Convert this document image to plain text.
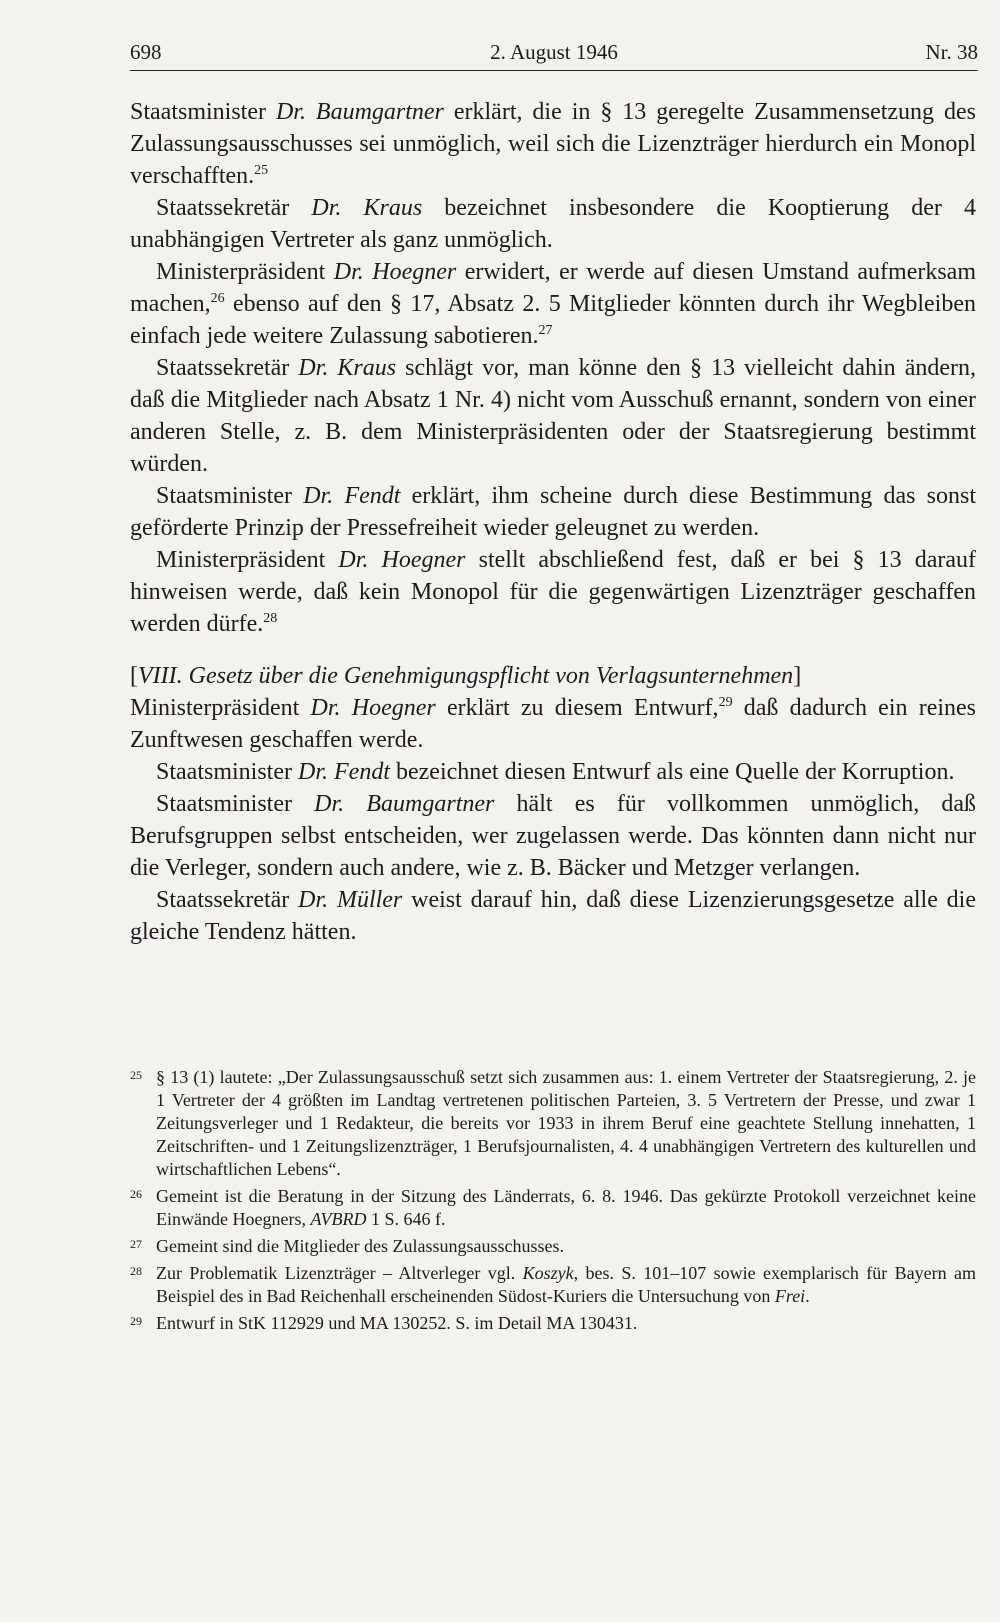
698	2. August 1946	Nr. 38

Staatsminister Dr. Baumgartner erklärt, die in § 13 geregelte Zusammensetzung des Zulassungsausschusses sei unmöglich, weil sich die Lizenzträger hierdurch ein Monopl verschafften.$^{25}$

Staatssekretär Dr. Kraus bezeichnet insbesondere die Kooptierung der 4 unabhängigen Vertreter als ganz unmöglich.

Ministerpräsident Dr. Hoegner erwidert, er werde auf diesen Umstand aufmerksam machen,$^{26}$ ebenso auf den § 17, Absatz 2. 5 Mitglieder könnten durch ihr Wegbleiben einfach jede weitere Zulassung sabotieren.$^{27}$

Staatssekretär Dr. Kraus schlägt vor, man könne den § 13 vielleicht dahin ändern, daß die Mitglieder nach Absatz 1 Nr. 4) nicht vom Ausschuß ernannt, sondern von einer anderen Stelle, z. B. dem Ministerpräsidenten oder der Staatsregierung bestimmt würden.

Staatsminister Dr. Fendt erklärt, ihm scheine durch diese Bestimmung das sonst geförderte Prinzip der Pressefreiheit wieder geleugnet zu werden.

Ministerpräsident Dr. Hoegner stellt abschließend fest, daß er bei § 13 darauf hinweisen werde, daß kein Monopol für die gegenwärtigen Lizenzträger geschaffen werden dürfe.$^{28}$

[VIII. Gesetz über die Genehmigungspflicht von Verlagsunternehmen]

Ministerpräsident Dr. Hoegner erklärt zu diesem Entwurf,$^{29}$ daß dadurch ein reines Zunftwesen geschaffen werde.

Staatsminister Dr. Fendt bezeichnet diesen Entwurf als eine Quelle der Korruption.

Staatsminister Dr. Baumgartner hält es für vollkommen unmöglich, daß Berufsgruppen selbst entscheiden, wer zugelassen werde. Das könnten dann nicht nur die Verleger, sondern auch andere, wie z. B. Bäcker und Metzger verlangen.

Staatssekretär Dr. Müller weist darauf hin, daß diese Lizenzierungsgesetze alle die gleiche Tendenz hätten.

25 § 13 (1) lautete: „Der Zulassungsausschuß setzt sich zusammen aus: 1. einem Vertreter der Staatsregierung, 2. je 1 Vertreter der 4 größten im Landtag vertretenen politischen Parteien, 3. 5 Vertretern der Presse, und zwar 1 Zeitungsverleger und 1 Redakteur, die bereits vor 1933 in ihrem Beruf eine geachtete Stellung innehatten, 1 Zeitschriften- und 1 Zeitungslizenzträger, 1 Berufsjournalisten, 4. 4 unabhängigen Vertretern des kulturellen und wirtschaftlichen Lebens“.
26 Gemeint ist die Beratung in der Sitzung des Länderrats, 6. 8. 1946. Das gekürzte Protokoll verzeichnet keine Einwände Hoegners, AVBRD 1 S. 646 f.
27 Gemeint sind die Mitglieder des Zulassungsausschusses.
28 Zur Problematik Lizenzträger – Altverleger vgl. Koszyk, bes. S. 101–107 sowie exemplarisch für Bayern am Beispiel des in Bad Reichenhall erscheinenden Südost-Kuriers die Untersuchung von Frei.
29 Entwurf in StK 112929 und MA 130252. S. im Detail MA 130431.
